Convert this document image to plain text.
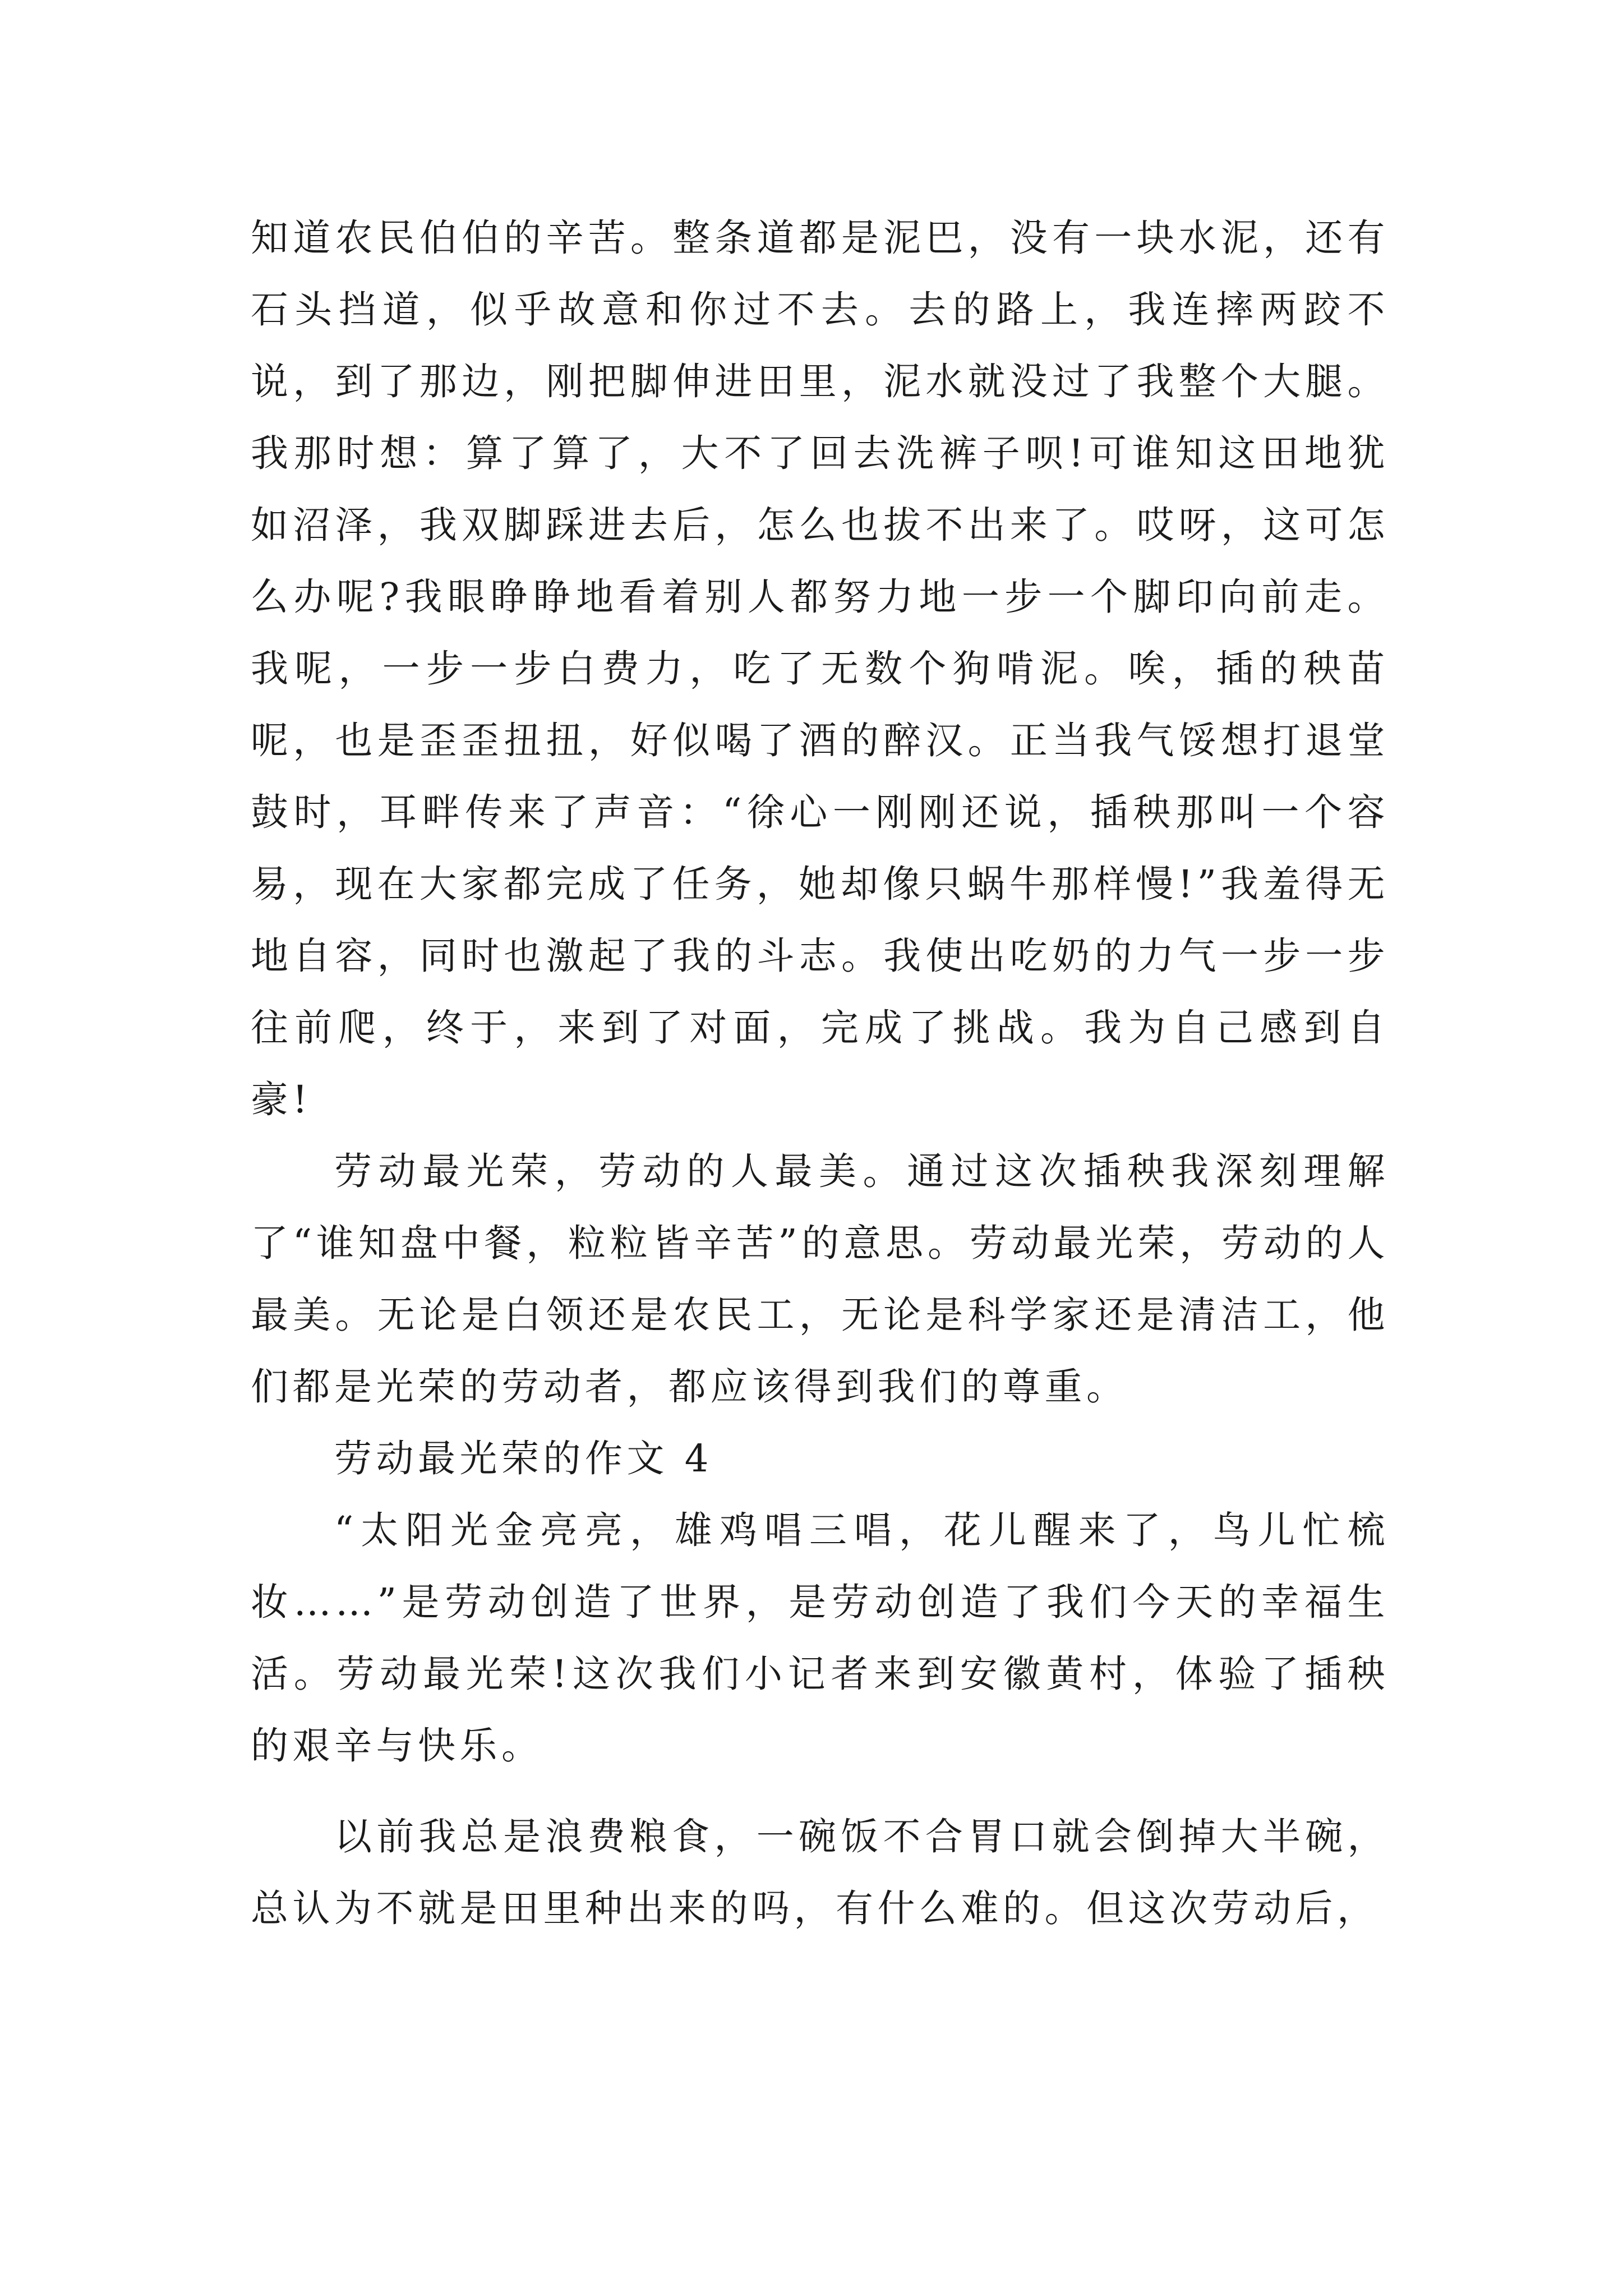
知道农民伯伯的辛苦。整条道都是泥巴，没有一块水泥，还有石头挡道，似乎故意和你过不去。去的路上，我连摔两跤不说，到了那边，刚把脚伸进田里，泥水就没过了我整个大腿。我那时想：算了算了，大不了回去洗裤子呗!可谁知这田地犹如沼泽，我双脚踩进去后，怎么也拔不出来了。哎呀，这可怎么办呢?我眼睁睁地看着别人都努力地一步一个脚印向前走。我呢，一步一步白费力，吃了无数个狗啃泥。唉，插的秧苗呢，也是歪歪扭扭，好似喝了酒的醉汉。正当我气馁想打退堂鼓时，耳畔传来了声音：“徐心一刚刚还说，插秧那叫一个容易，现在大家都完成了任务，她却像只蜗牛那样慢!”我羞得无地自容，同时也激起了我的斗志。我使出吃奶的力气一步一步往前爬，终于，来到了对面，完成了挑战。我为自己感到自豪!

劳动最光荣，劳动的人最美。通过这次插秧我深刻理解了“谁知盘中餐，粒粒皆辛苦”的意思。劳动最光荣，劳动的人最美。无论是白领还是农民工，无论是科学家还是清洁工，他们都是光荣的劳动者，都应该得到我们的尊重。

劳动最光荣的作文 4

“太阳光金亮亮，雄鸡唱三唱，花儿醒来了，鸟儿忙梳妆……”是劳动创造了世界，是劳动创造了我们今天的幸福生活。劳动最光荣!这次我们小记者来到安徽黄村，体验了插秧的艰辛与快乐。

以前我总是浪费粮食，一碗饭不合胃口就会倒掉大半碗，总认为不就是田里种出来的吗，有什么难的。但这次劳动后，
